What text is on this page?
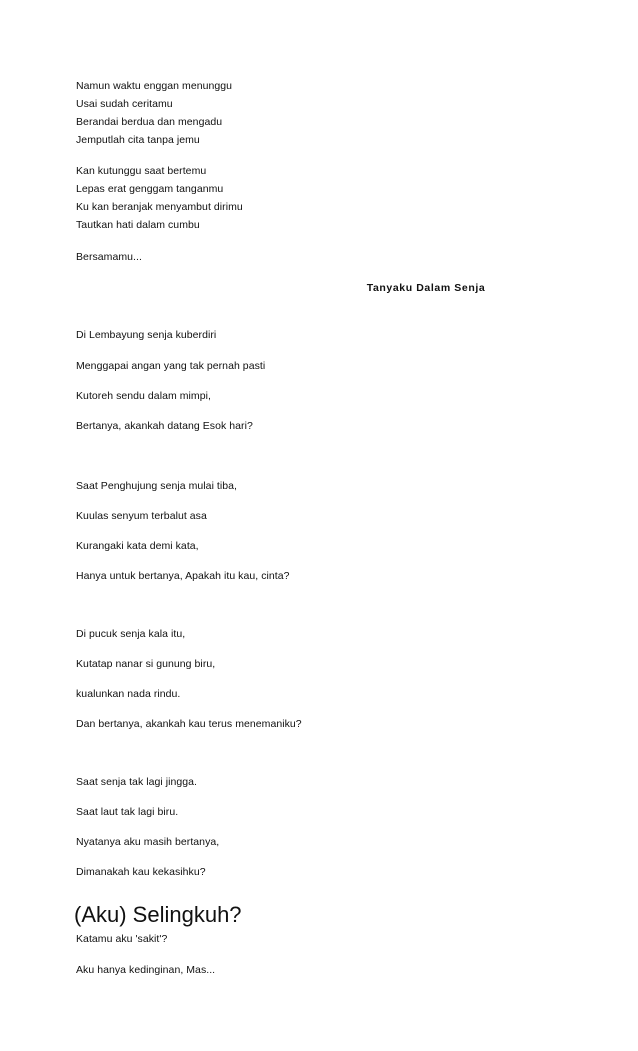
Namun waktu enggan menunggu
Usai sudah ceritamu
Berandai berdua dan mengadu
Jemputlah cita tanpa jemu
Kan kutunggu saat bertemu
Lepas erat genggam tanganmu
Ku kan beranjak menyambut dirimu
Tautkan hati dalam cumbu
Bersamamu...
Tanyaku Dalam Senja
Di Lembayung senja kuberdiri
Menggapai angan yang tak pernah pasti
Kutoreh sendu dalam mimpi,
Bertanya, akankah datang Esok hari?
Saat Penghujung senja mulai tiba,
Kuulas senyum terbalut asa
Kurangaki kata demi kata,
Hanya untuk bertanya, Apakah itu kau, cinta?
Di pucuk senja kala itu,
Kutatap nanar si gunung biru,
kualunkan nada rindu.
Dan bertanya, akankah kau terus menemaniku?
Saat senja tak lagi jingga.
Saat laut tak lagi biru.
Nyatanya aku masih bertanya,
Dimanakah kau kekasihku?
(Aku) Selingkuh?
Katamu aku 'sakit'?
Aku hanya kedinginan, Mas...
